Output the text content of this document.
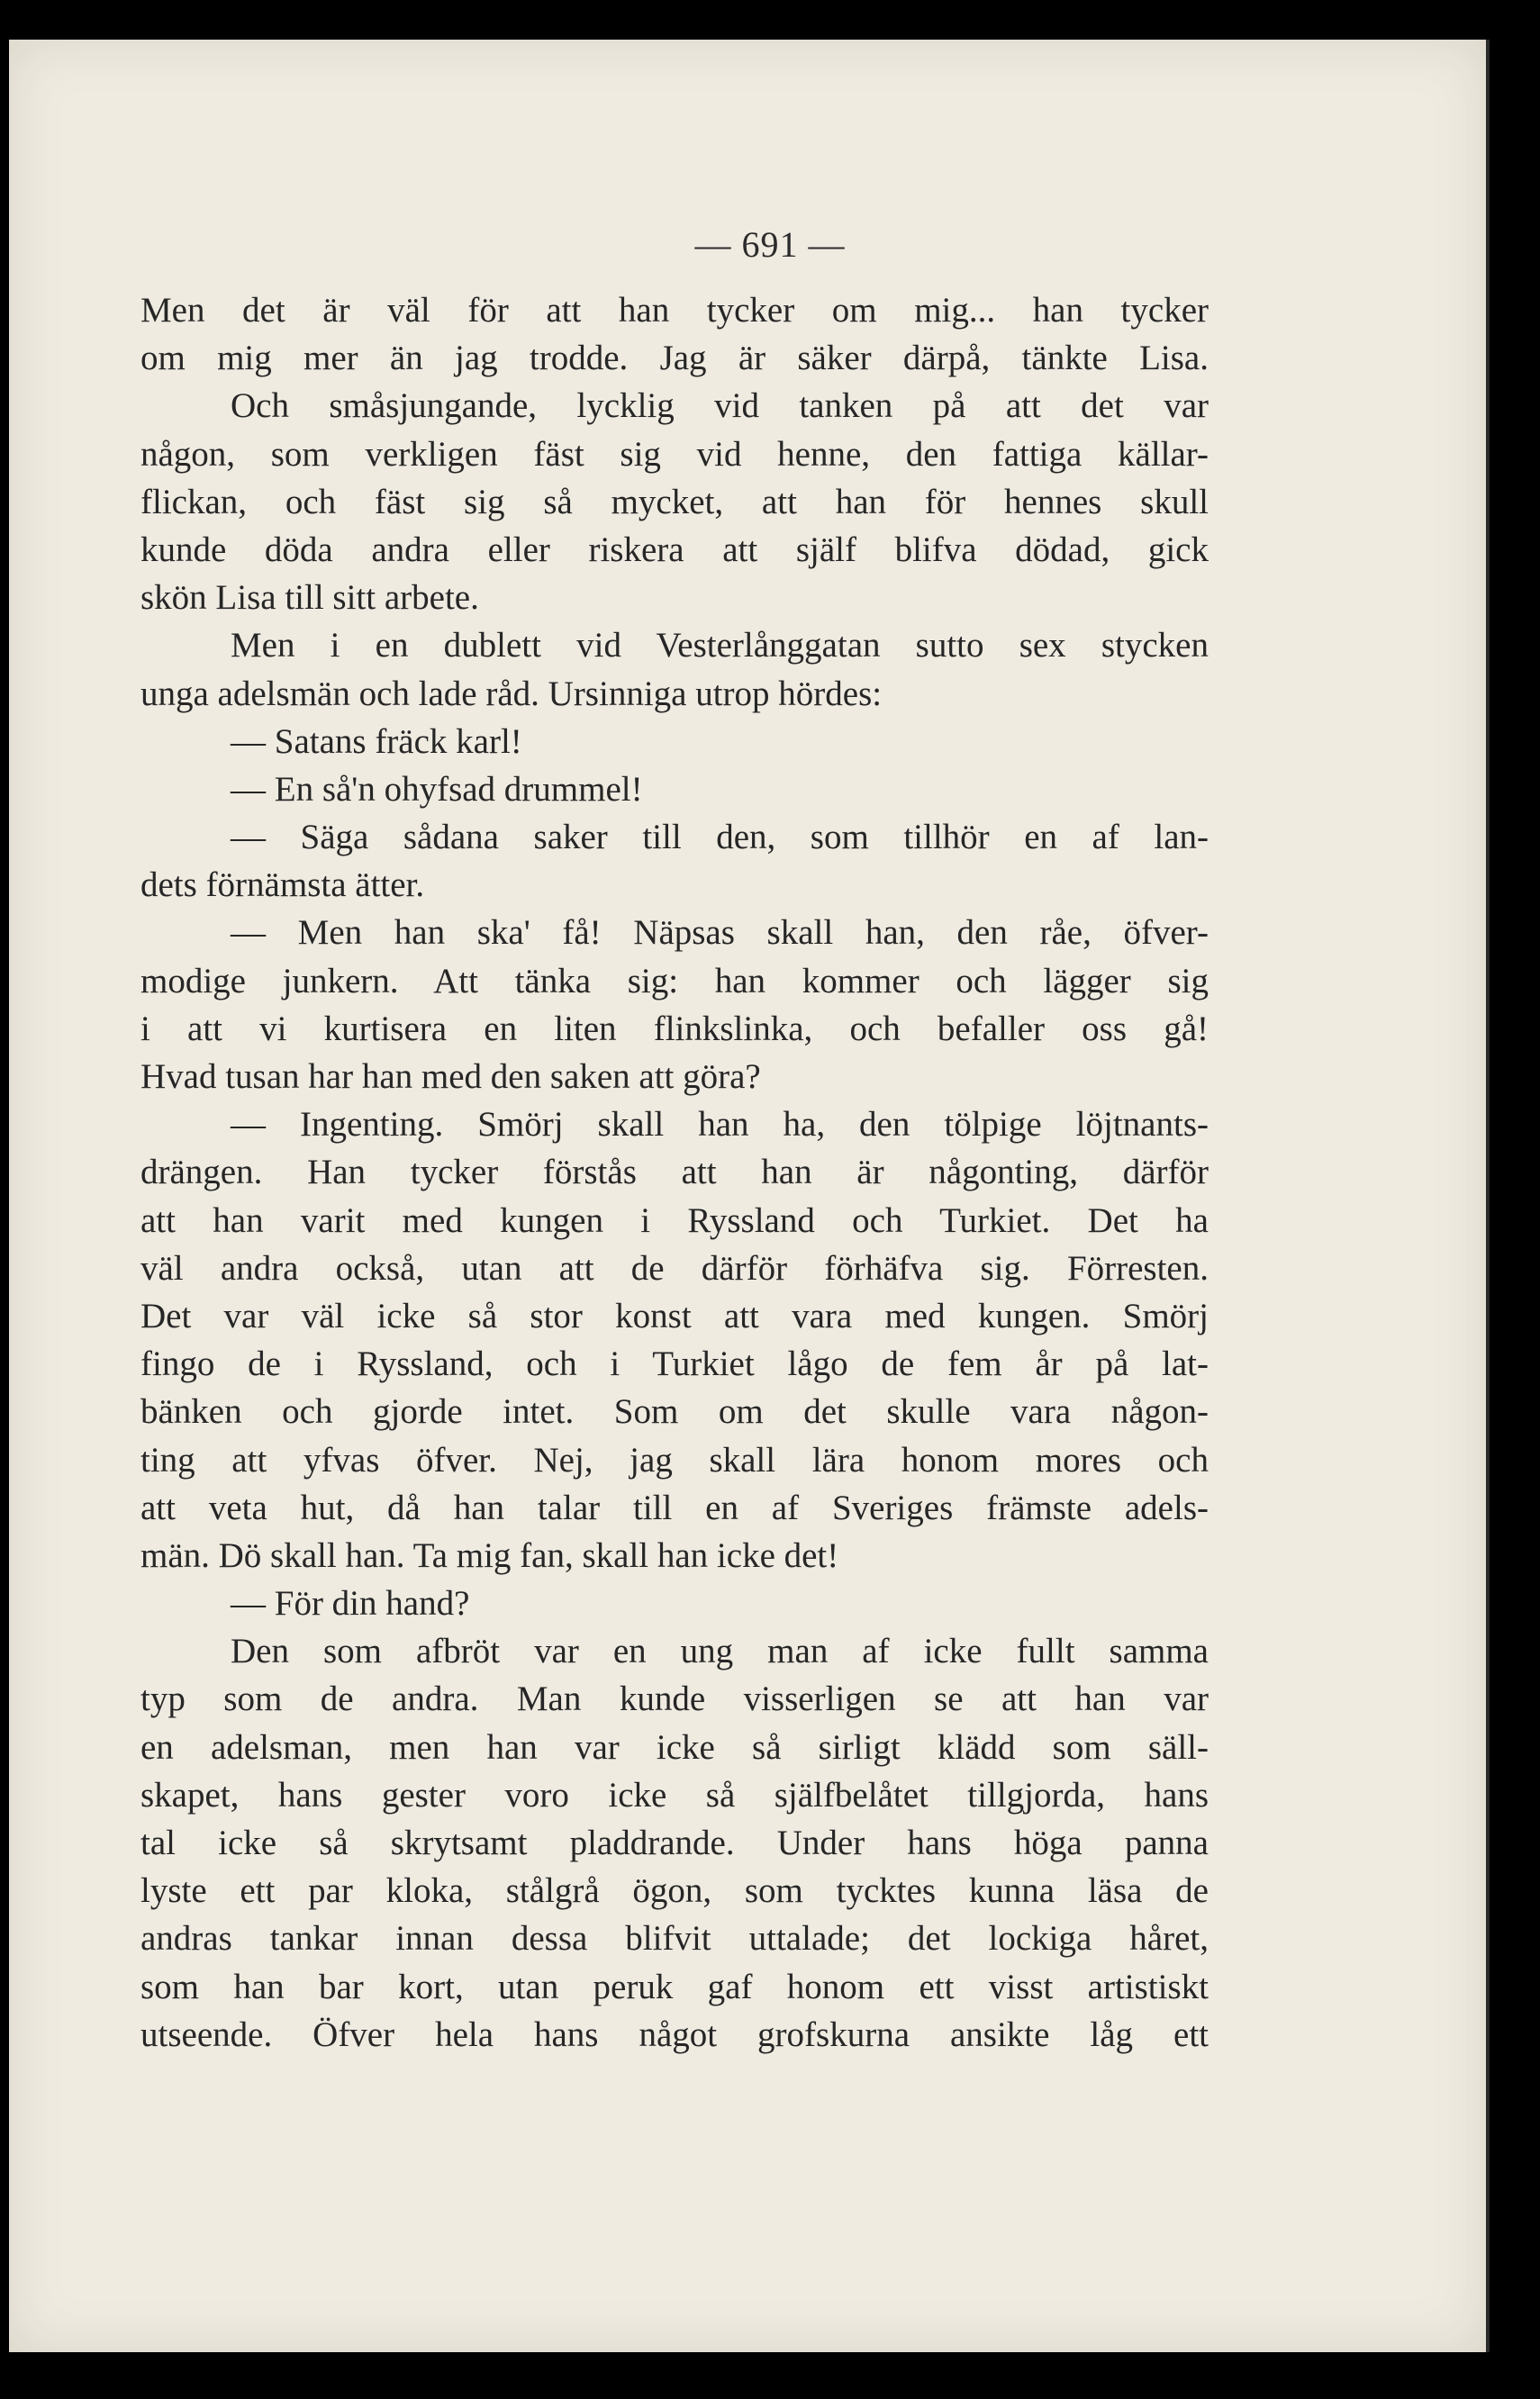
— 691 —
Men det är väl för att han tycker om mig... han tycker
om mig mer än jag trodde. Jag är säker därpå, tänkte Lisa.
Och småsjungande, lycklig vid tanken på att det var
någon, som verkligen fäst sig vid henne, den fattiga källar-
flickan, och fäst sig så mycket, att han för hennes skull
kunde döda andra eller riskera att själf blifva dödad, gick
skön Lisa till sitt arbete.
Men i en dublett vid Vesterlånggatan sutto sex stycken
unga adelsmän och lade råd. Ursinniga utrop hördes:
— Satans fräck karl!
— En så'n ohyfsad drummel!
— Säga sådana saker till den, som tillhör en af lan-
dets förnämsta ätter.
— Men han ska' få! Näpsas skall han, den råe, öfver-
modige junkern. Att tänka sig: han kommer och lägger sig
i att vi kurtisera en liten flinkslinka, och befaller oss gå!
Hvad tusan har han med den saken att göra?
— Ingenting. Smörj skall han ha, den tölpige löjtnants-
drängen. Han tycker förstås att han är någonting, därför
att han varit med kungen i Ryssland och Turkiet. Det ha
väl andra också, utan att de därför förhäfva sig. Förresten.
Det var väl icke så stor konst att vara med kungen. Smörj
fingo de i Ryssland, och i Turkiet lågo de fem år på lat-
bänken och gjorde intet. Som om det skulle vara någon-
ting att yfvas öfver. Nej, jag skall lära honom mores och
att veta hut, då han talar till en af Sveriges främste adels-
män. Dö skall han. Ta mig fan, skall han icke det!
— För din hand?
Den som afbröt var en ung man af icke fullt samma
typ som de andra. Man kunde visserligen se att han var
en adelsman, men han var icke så sirligt klädd som säll-
skapet, hans gester voro icke så själfbelåtet tillgjorda, hans
tal icke så skrytsamt pladdrande. Under hans höga panna
lyste ett par kloka, stålgrå ögon, som tycktes kunna läsa de
andras tankar innan dessa blifvit uttalade; det lockiga håret,
som han bar kort, utan peruk gaf honom ett visst artistiskt
utseende. Öfver hela hans något grofskurna ansikte låg ett
